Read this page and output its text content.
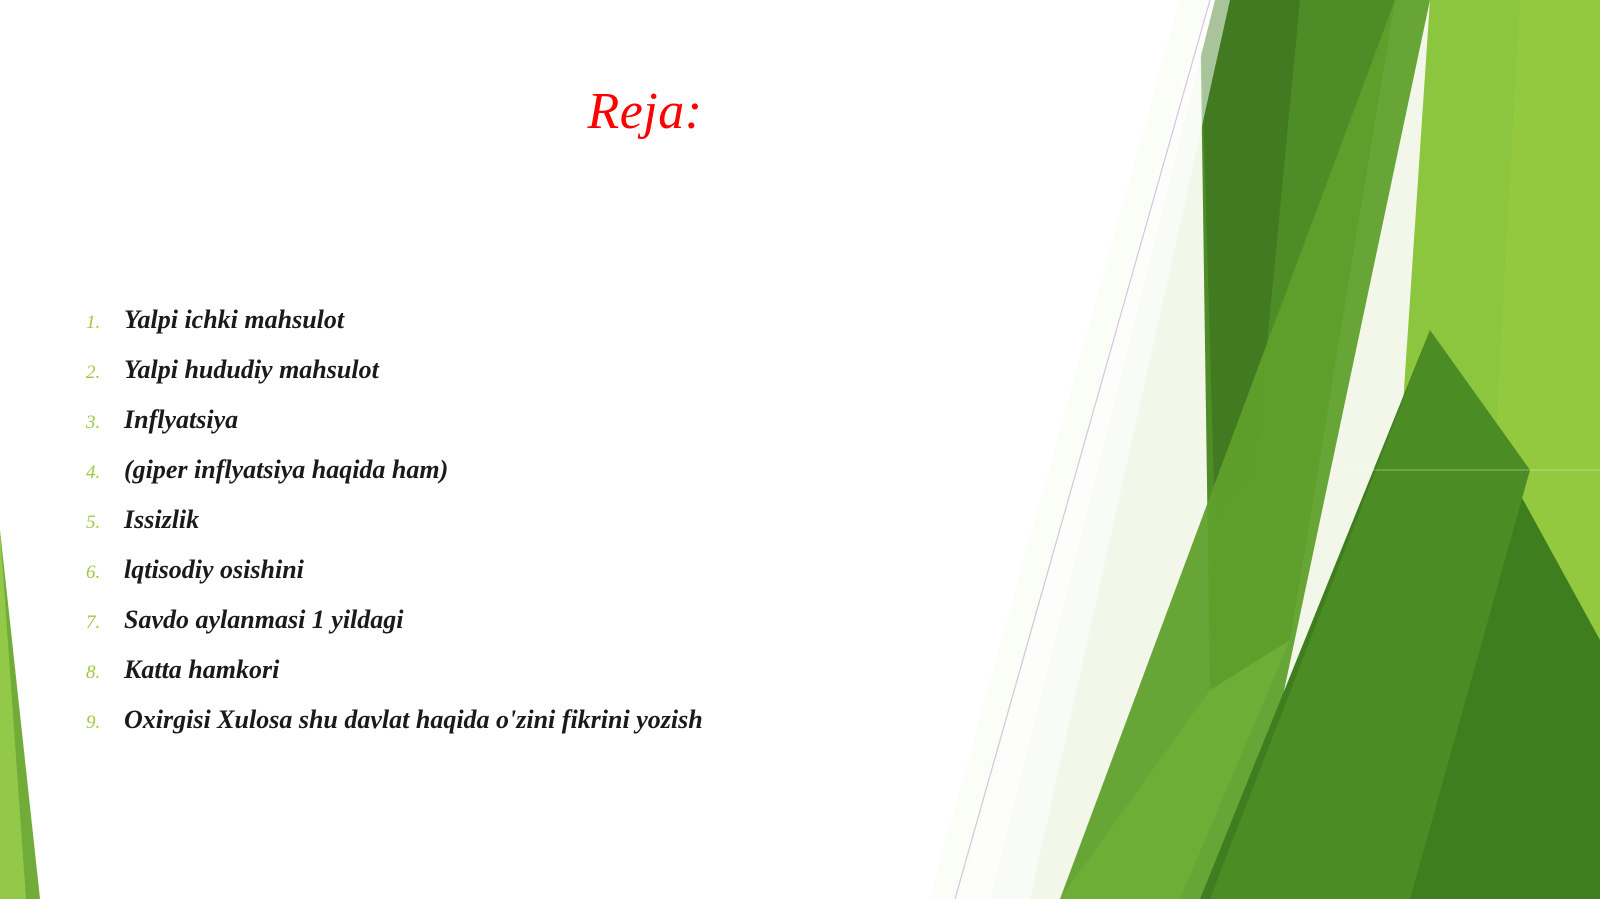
Reja:
1. Yalpi ichki mahsulot
2. Yalpi hududiy mahsulot
3. Inflyatsiya
4. (giper inflyatsiya haqida ham)
5. Issizlik
6. lqtisodiy osishini
7. Savdo aylanmasi 1 yildagi
8. Katta hamkori
9. Oxirgisi Xulosa shu davlat haqida o'zini fikrini yozish
